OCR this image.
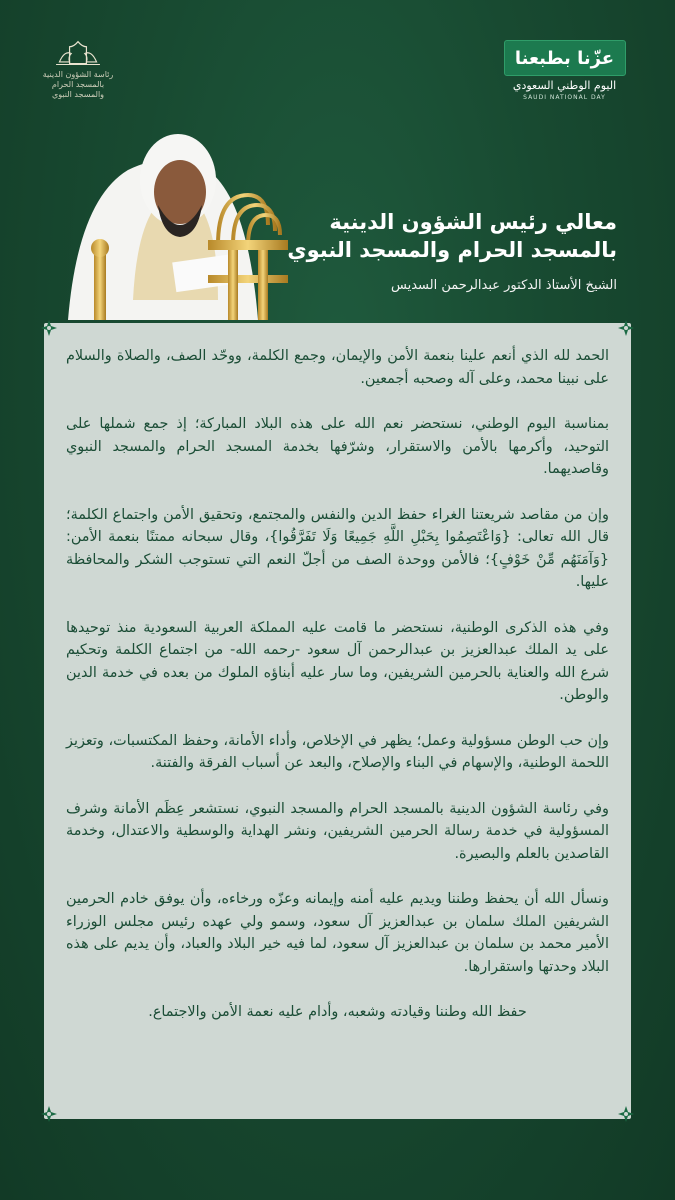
رئاسة الشؤون الدينية بالمسجد الحرام والمسجد النبوي
عزّنا بطبعنا
اليوم الوطني السعودي
SAUDI NATIONAL DAY
معالي رئيس الشؤون الدينية
بالمسجد الحرام والمسجد النبوي
الشيخ الأستاذ الدكتور عبدالرحمن السديس

الحمد لله الذي أنعم علينا بنعمة الأمن والإيمان، وجمع الكلمة، ووحّد الصف، والصلاة والسلام على نبينا محمد، وعلى آله وصحبه أجمعين.

بمناسبة اليوم الوطني، نستحضر نعم الله على هذه البلاد المباركة؛ إذ جمع شملها على التوحيد، وأكرمها بالأمن والاستقرار، وشرّفها بخدمة المسجد الحرام والمسجد النبوي وقاصديهما.

وإن من مقاصد شريعتنا الغراء حفظ الدين والنفس والمجتمع، وتحقيق الأمن واجتماع الكلمة؛ قال الله تعالى: {وَاعْتَصِمُوا بِحَبْلِ اللَّهِ جَمِيعًا وَلَا تَفَرَّقُوا}، وقال سبحانه ممتنًا بنعمة الأمن: {وَآمَنَهُم مِّنْ خَوْفٍ}؛ فالأمن ووحدة الصف من أجلّ النعم التي تستوجب الشكر والمحافظة عليها.

وفي هذه الذكرى الوطنية، نستحضر ما قامت عليه المملكة العربية السعودية منذ توحيدها على يد الملك عبدالعزيز بن عبدالرحمن آل سعود -رحمه الله- من اجتماع الكلمة وتحكيم شرع الله والعناية بالحرمين الشريفين، وما سار عليه أبناؤه الملوك من بعده في خدمة الدين والوطن.

وإن حب الوطن مسؤولية وعمل؛ يظهر في الإخلاص، وأداء الأمانة، وحفظ المكتسبات، وتعزيز اللحمة الوطنية، والإسهام في البناء والإصلاح، والبعد عن أسباب الفرقة والفتنة.

وفي رئاسة الشؤون الدينية بالمسجد الحرام والمسجد النبوي، نستشعر عِظَم الأمانة وشرف المسؤولية في خدمة رسالة الحرمين الشريفين، ونشر الهداية والوسطية والاعتدال، وخدمة القاصدين بالعلم والبصيرة.

ونسأل الله أن يحفظ وطننا ويديم عليه أمنه وإيمانه وعزّه ورخاءه، وأن يوفق خادم الحرمين الشريفين الملك سلمان بن عبدالعزيز آل سعود، وسمو ولي عهده رئيس مجلس الوزراء الأمير محمد بن سلمان بن عبدالعزيز آل سعود، لما فيه خير البلاد والعباد، وأن يديم على هذه البلاد وحدتها واستقرارها.

حفظ الله وطننا وقيادته وشعبه، وأدام عليه نعمة الأمن والاجتماع.
